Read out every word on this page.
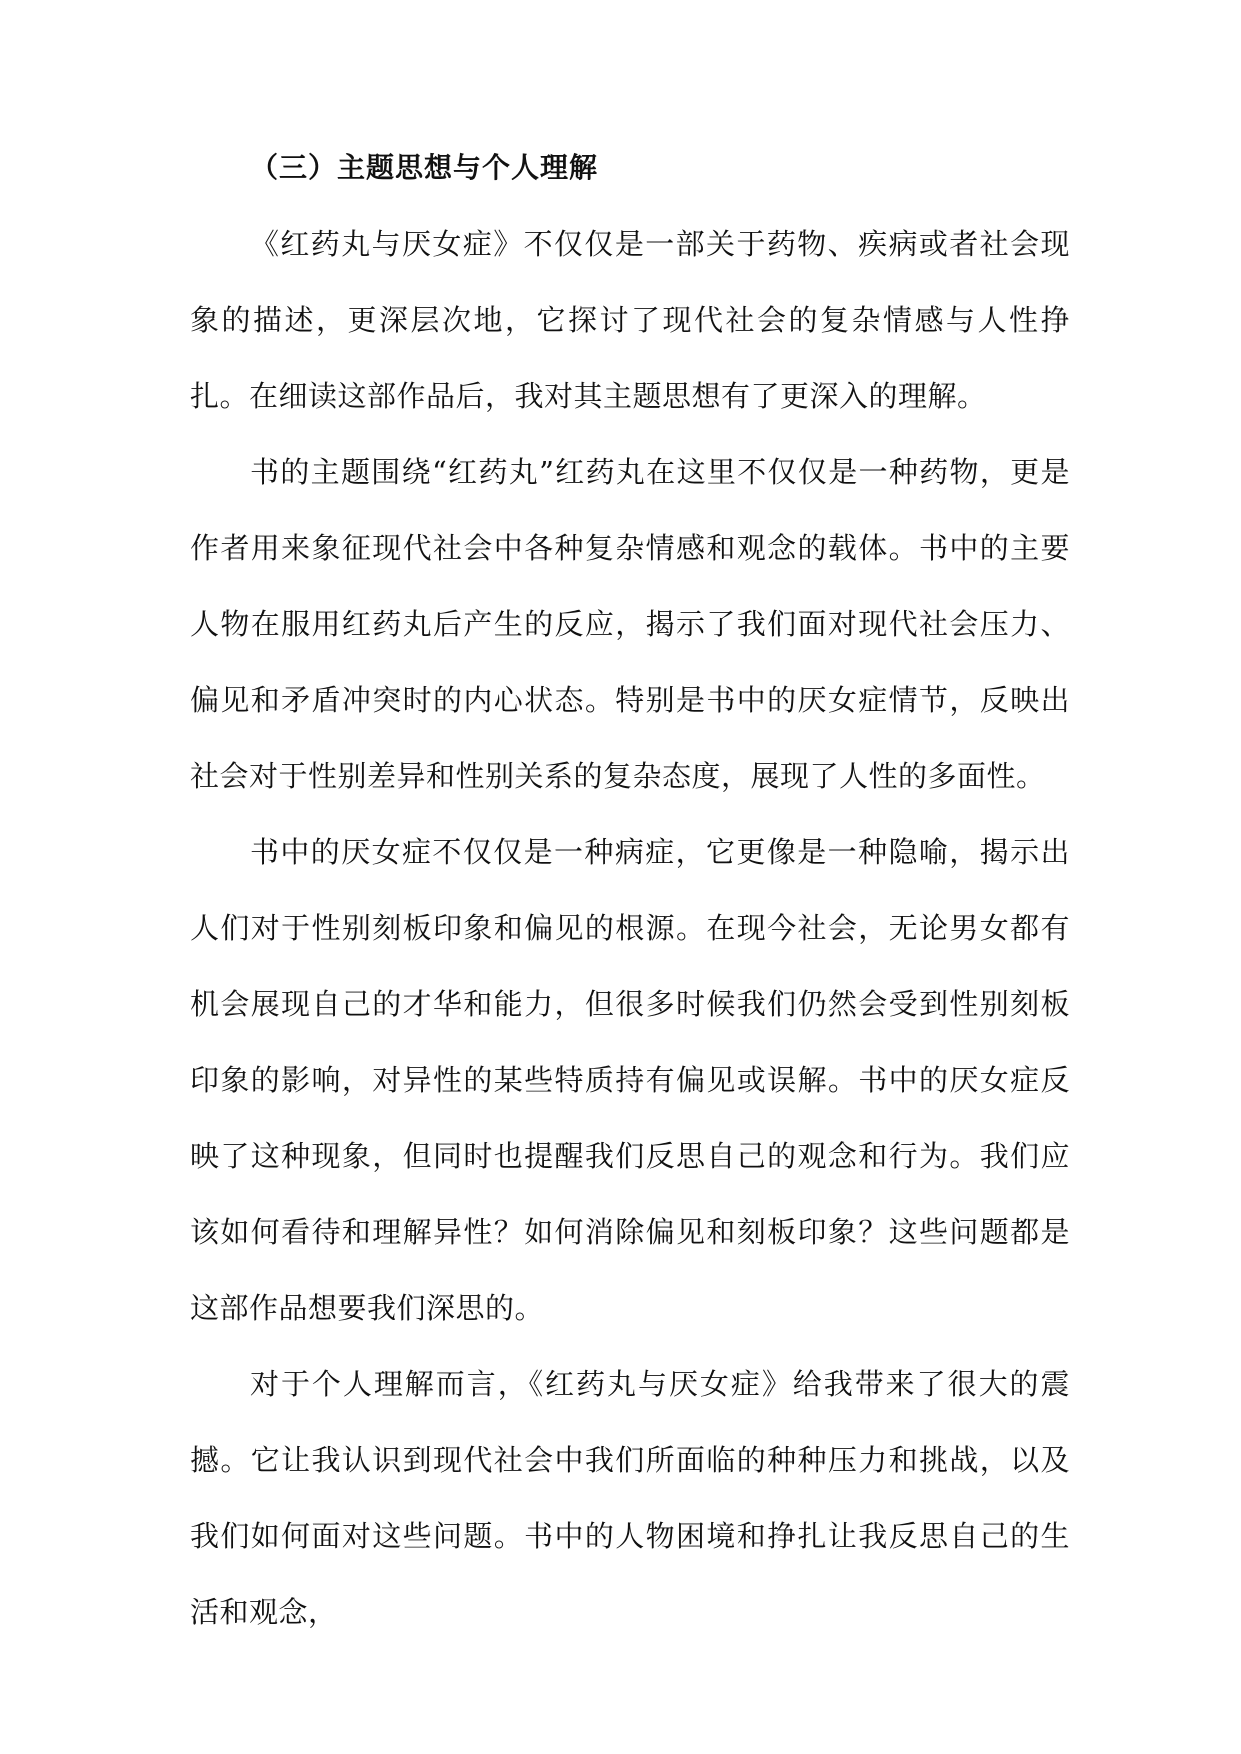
（三）主题思想与个人理解

《红药丸与厌女症》不仅仅是一部关于药物、疾病或者社会现象的描述，更深层次地，它探讨了现代社会的复杂情感与人性挣扎。在细读这部作品后，我对其主题思想有了更深入的理解。

书的主题围绕“红药丸”红药丸在这里不仅仅是一种药物，更是作者用来象征现代社会中各种复杂情感和观念的载体。书中的主要人物在服用红药丸后产生的反应，揭示了我们面对现代社会压力、偏见和矛盾冲突时的内心状态。特别是书中的厌女症情节，反映出社会对于性别差异和性别关系的复杂态度，展现了人性的多面性。

书中的厌女症不仅仅是一种病症，它更像是一种隐喻，揭示出人们对于性别刻板印象和偏见的根源。在现今社会，无论男女都有机会展现自己的才华和能力，但很多时候我们仍然会受到性别刻板印象的影响，对异性的某些特质持有偏见或误解。书中的厌女症反映了这种现象，但同时也提醒我们反思自己的观念和行为。我们应该如何看待和理解异性？如何消除偏见和刻板印象？这些问题都是这部作品想要我们深思的。

对于个人理解而言，《红药丸与厌女症》给我带来了很大的震撼。它让我认识到现代社会中我们所面临的种种压力和挑战，以及我们如何面对这些问题。书中的人物困境和挣扎让我反思自己的生活和观念，
